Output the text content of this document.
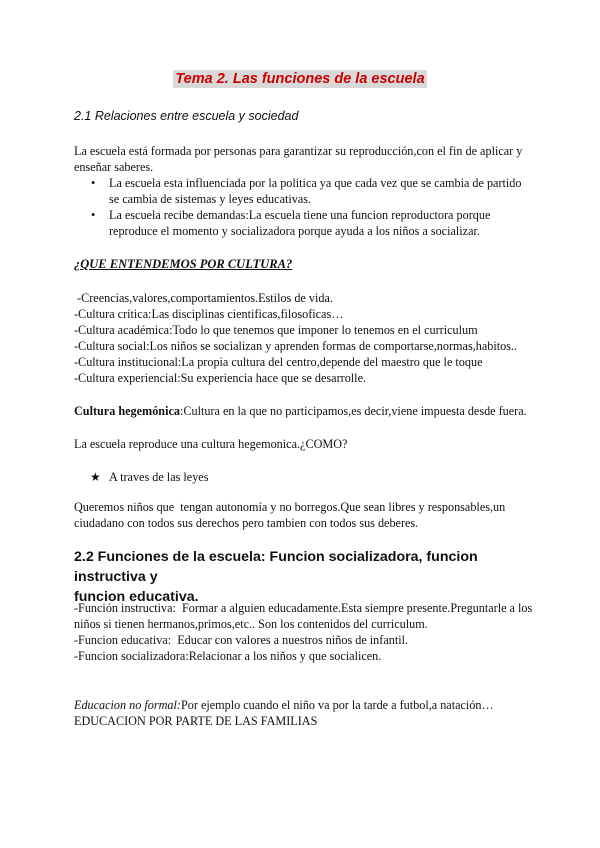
Tema 2. Las funciones de la escuela
2.1 Relaciones entre escuela y sociedad

La escuela está formada por personas para garantizar su reproducción,con el fin de aplicar y

enseñar saberes.

• La escuela esta influenciada por la politica ya que cada vez que se cambia de partido

se cambia de sistemas y leyes educativas.

• La escuela recibe demandas:La escuela tiene una funcion reproductora porque

reproduce el momento y socializadora porque ayuda a los niños a socializar.

¿QUE ENTENDEMOS POR CULTURA?
-Creencias,valores,comportamientos.Estilos de vida.
-Cultura crítica:Las disciplinas cientificas,filosoficas…
-Cultura académica:Todo lo que tenemos que imponer lo tenemos en el curriculum
-Cultura social:Los niños se socializan y aprenden formas de comportarse,normas,habitos..
-Cultura institucional:La propia cultura del centro,depende del maestro que le toque
-Cultura experiencial:Su experiencia hace que se desarrolle.
Cultura hegemónica:Cultura en la que no participamos,es decir,viene impuesta desde fuera.
La escuela reproduce una cultura hegemonica.¿COMO?
★ A traves de las leyes
Queremos niños que  tengan autonomía y no borregos.Que sean libres y responsables,un
ciudadano con todos sus derechos pero tambien con todos sus deberes.
2.2 Funciones de la escuela: Funcion socializadora, funcion instructiva y
funcion educativa.
-Función instructiva:  Formar a alguien educadamente.Esta siempre presente.Preguntarle a los
niños si tienen hermanos,primos,etc.. Son los contenidos del curriculum.
-Funcion educativa:  Educar con valores a nuestros niños de infantil.
-Funcion socializadora:Relacionar a los niños y que socialicen.
Educacion no formal:Por ejemplo cuando el niño va por la tarde a futbol,a natación…
EDUCACION POR PARTE DE LAS FAMILIAS
